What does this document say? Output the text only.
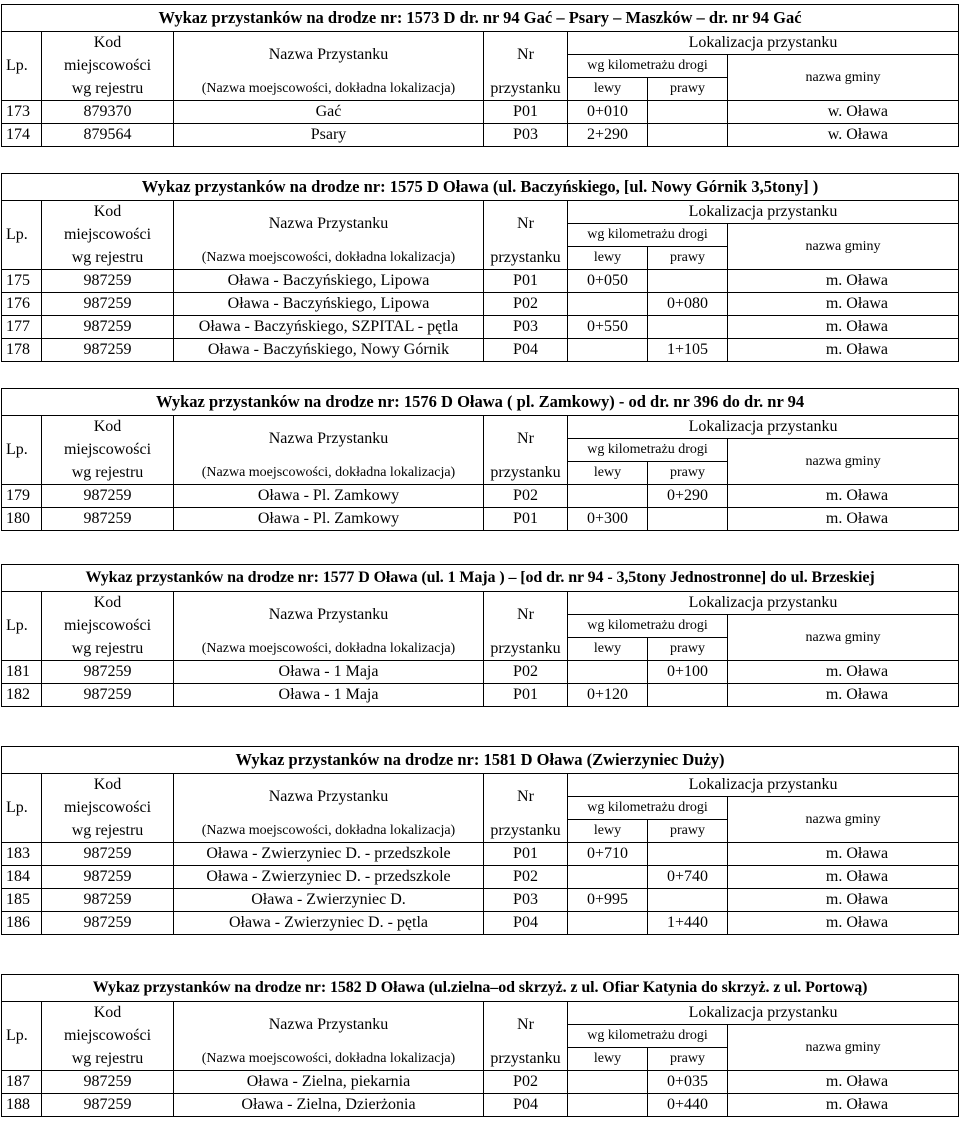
Wykaz przystanków na drodze nr: 1573 D dr. nr 94 Gać – Psary – Maszków – dr. nr 94 Gać						
Lp.	Kod	Nazwa Przystanku	Nr	Lokalizacja przystanku		
	miejscowości			wg kilometrażu drogi		nazwa gminy
	wg rejestru	(Nazwa moejscowości, dokładna lokalizacja)	przystanku	lewy	prawy	
173	879370	Gać	P01	0+010		w. Oława
174	879564	Psary	P03	2+290		w. Oława
Wykaz przystanków na drodze nr: 1575 D Oława (ul. Baczyńskiego, [ul. Nowy Górnik 3,5tony] )						
Lp.	Kod	Nazwa Przystanku	Nr	Lokalizacja przystanku		
	miejscowości			wg kilometrażu drogi		nazwa gminy
	wg rejestru	(Nazwa moejscowości, dokładna lokalizacja)	przystanku	lewy	prawy	
175	987259	Oława - Baczyńskiego, Lipowa	P01	0+050		m. Oława
176	987259	Oława - Baczyńskiego, Lipowa	P02		0+080	m. Oława
177	987259	Oława - Baczyńskiego, SZPITAL - pętla	P03	0+550		m. Oława
178	987259	Oława - Baczyńskiego, Nowy Górnik	P04		1+105	m. Oława
Wykaz przystanków na drodze nr: 1576 D Oława ( pl. Zamkowy) - od dr. nr 396 do dr. nr 94						
Lp.	Kod	Nazwa Przystanku	Nr	Lokalizacja przystanku		
	miejscowości			wg kilometrażu drogi		nazwa gminy
	wg rejestru	(Nazwa moejscowości, dokładna lokalizacja)	przystanku	lewy	prawy	
179	987259	Oława - Pl. Zamkowy	P02		0+290	m. Oława
180	987259	Oława - Pl. Zamkowy	P01	0+300		m. Oława
Wykaz przystanków na drodze nr: 1577 D Oława (ul. 1 Maja ) – [od dr. nr 94 - 3,5tony Jednostronne] do ul. Brzeskiej						
Lp.	Kod	Nazwa Przystanku	Nr	Lokalizacja przystanku		
	miejscowości			wg kilometrażu drogi		nazwa gminy
	wg rejestru	(Nazwa moejscowości, dokładna lokalizacja)	przystanku	lewy	prawy	
181	987259	Oława - 1 Maja	P02		0+100	m. Oława
182	987259	Oława - 1 Maja	P01	0+120		m. Oława
Wykaz przystanków na drodze nr: 1581 D Oława (Zwierzyniec Duży)						
Lp.	Kod	Nazwa Przystanku	Nr	Lokalizacja przystanku		
	miejscowości			wg kilometrażu drogi		nazwa gminy
	wg rejestru	(Nazwa moejscowości, dokładna lokalizacja)	przystanku	lewy	prawy	
183	987259	Oława - Zwierzyniec D. - przedszkole	P01	0+710		m. Oława
184	987259	Oława - Zwierzyniec D. - przedszkole	P02		0+740	m. Oława
185	987259	Oława - Zwierzyniec D.	P03	0+995		m. Oława
186	987259	Oława - Zwierzyniec D. - pętla	P04		1+440	m. Oława
Wykaz przystanków na drodze nr: 1582 D Oława (ul.zielna–od skrzyż. z ul. Ofiar Katynia do skrzyż. z ul. Portową)						
Lp.	Kod	Nazwa Przystanku	Nr	Lokalizacja przystanku		
	miejscowości			wg kilometrażu drogi		nazwa gminy
	wg rejestru	(Nazwa moejscowości, dokładna lokalizacja)	przystanku	lewy	prawy	
187	987259	Oława - Zielna, piekarnia	P02		0+035	m. Oława
188	987259	Oława - Zielna, Dzierżonia	P04		0+440	m. Oława
